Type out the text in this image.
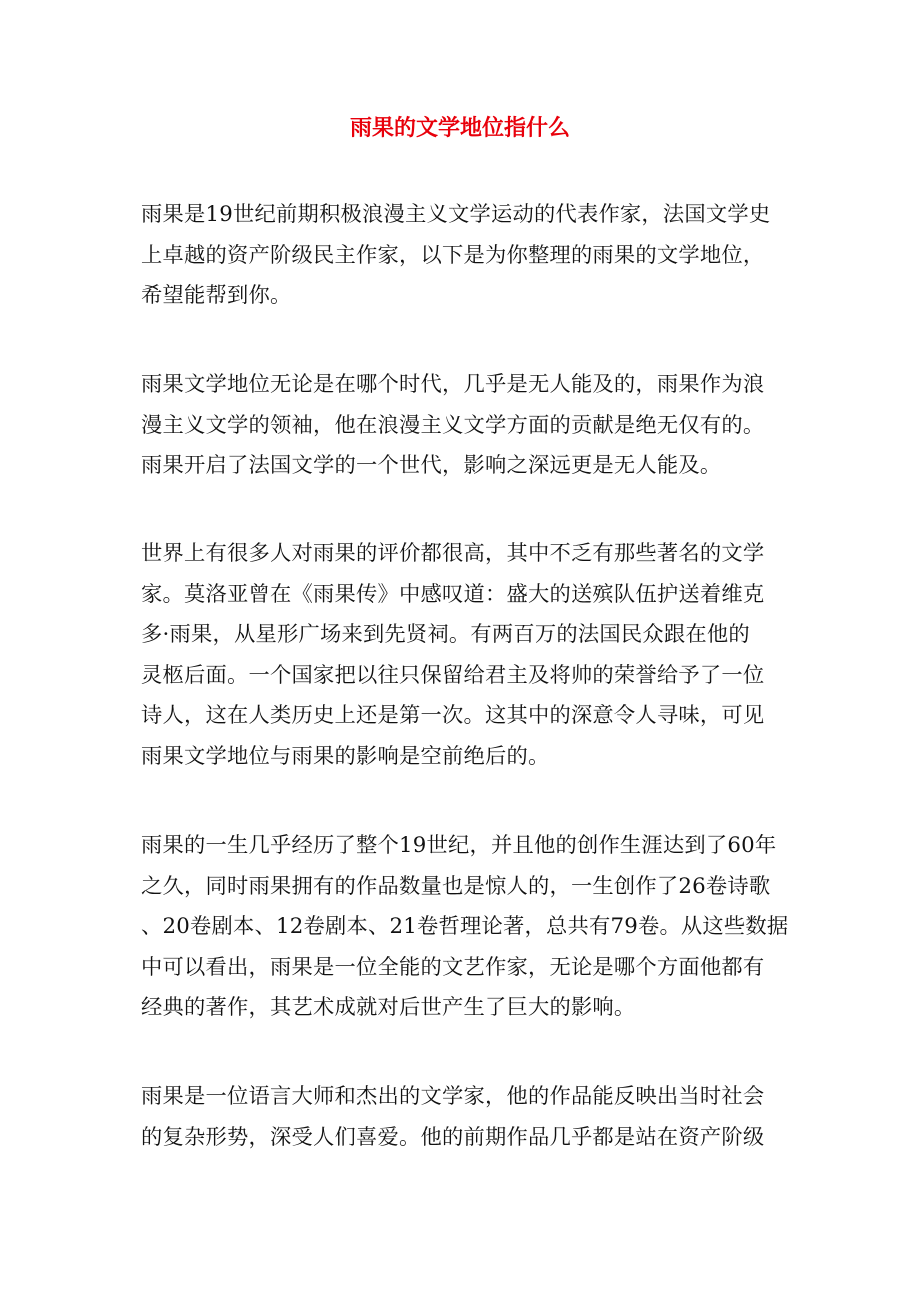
雨果的文学地位指什么
雨果是19世纪前期积极浪漫主义文学运动的代表作家，法国文学史
上卓越的资产阶级民主作家，以下是为你整理的雨果的文学地位，
希望能帮到你。
雨果文学地位无论是在哪个时代，几乎是无人能及的，雨果作为浪
漫主义文学的领袖，他在浪漫主义文学方面的贡献是绝无仅有的。
雨果开启了法国文学的一个世代，影响之深远更是无人能及。
世界上有很多人对雨果的评价都很高，其中不乏有那些著名的文学
家。莫洛亚曾在《雨果传》中感叹道：盛大的送殡队伍护送着维克
多·雨果，从星形广场来到先贤祠。有两百万的法国民众跟在他的
灵柩后面。一个国家把以往只保留给君主及将帅的荣誉给予了一位
诗人，这在人类历史上还是第一次。这其中的深意令人寻味，可见
雨果文学地位与雨果的影响是空前绝后的。
雨果的一生几乎经历了整个19世纪，并且他的创作生涯达到了60年
之久，同时雨果拥有的作品数量也是惊人的，一生创作了26卷诗歌
、20卷剧本、12卷剧本、21卷哲理论著，总共有79卷。从这些数据
中可以看出，雨果是一位全能的文艺作家，无论是哪个方面他都有
经典的著作，其艺术成就对后世产生了巨大的影响。
雨果是一位语言大师和杰出的文学家，他的作品能反映出当时社会
的复杂形势，深受人们喜爱。他的前期作品几乎都是站在资产阶级
